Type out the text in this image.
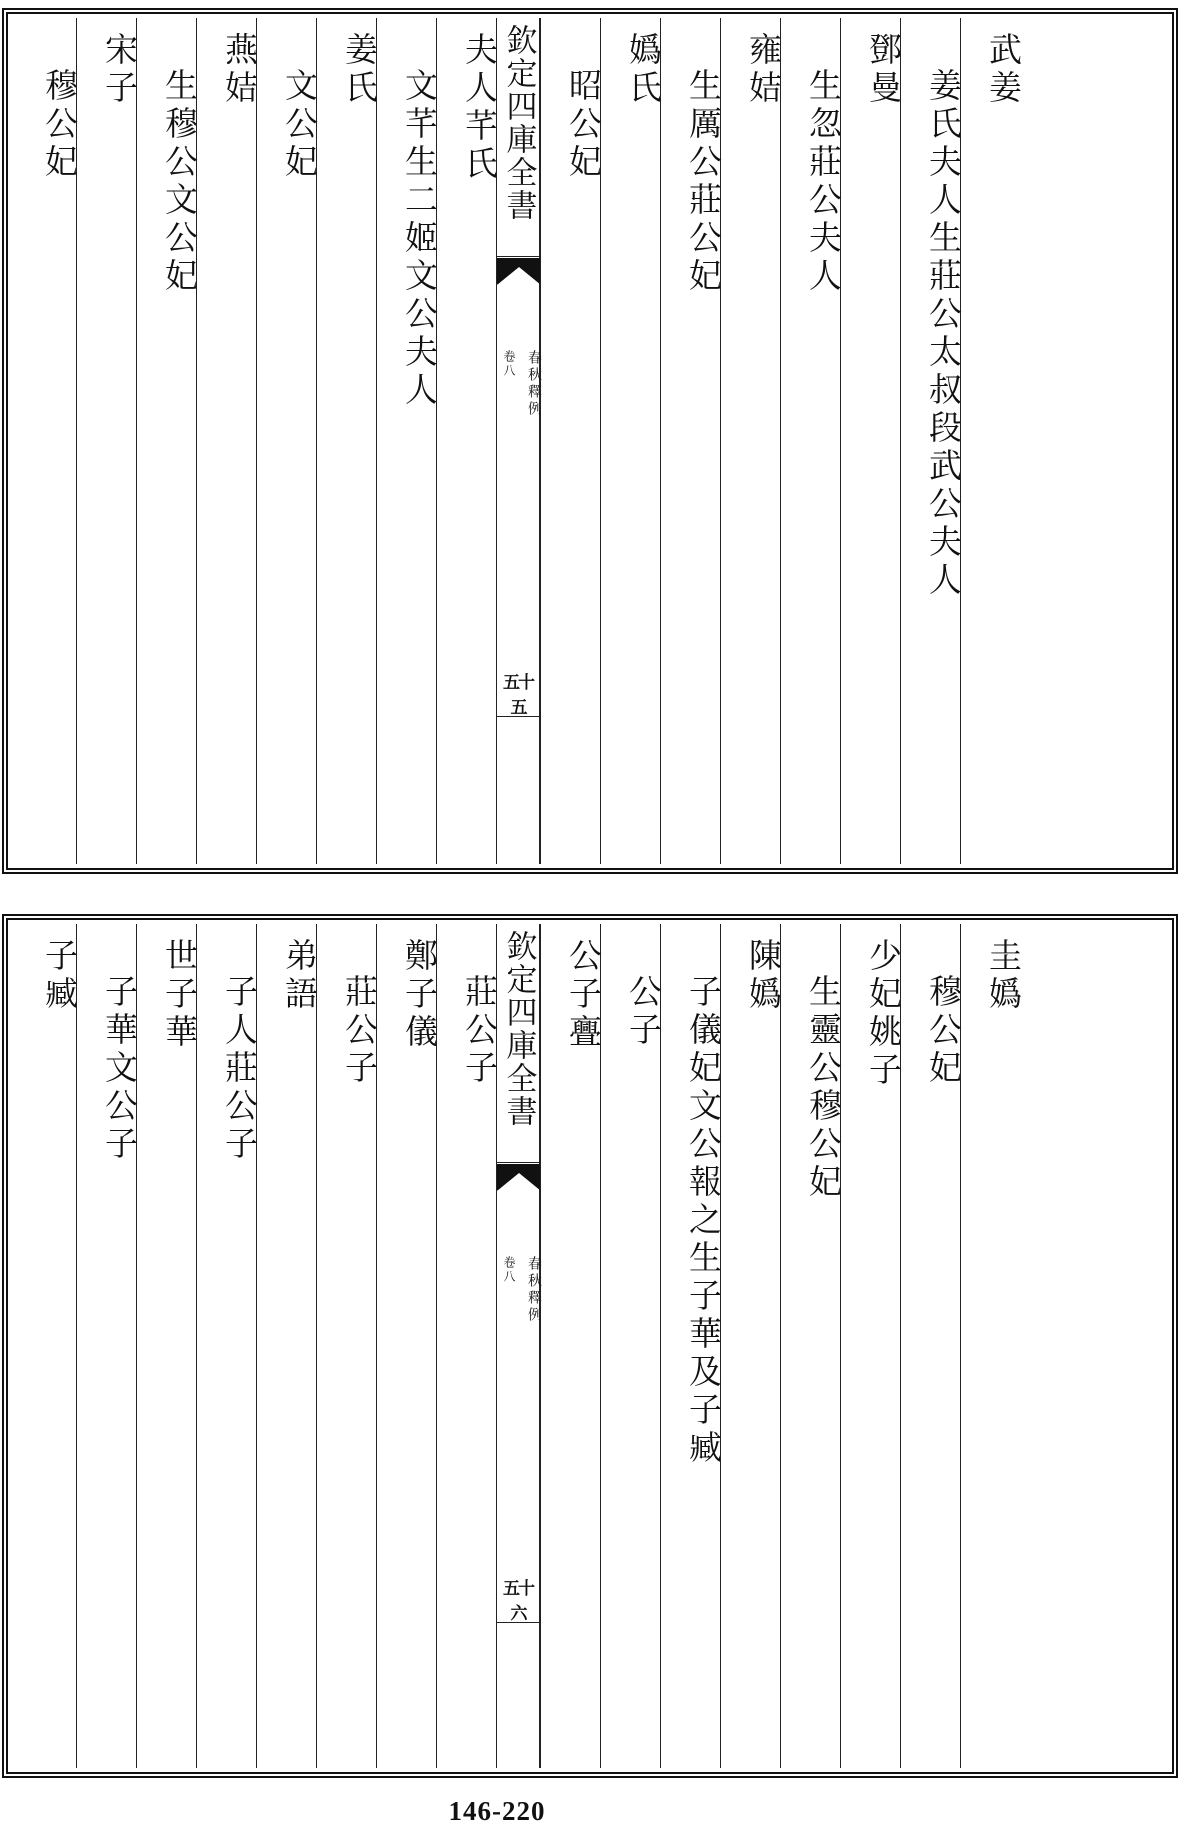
穆公妃 宋子 生穆公文公妃 燕姞 文公妃 姜氏 文芊生二姬文公夫人 夫人芊氏 欽定四庫全書
春秋釋例
卷八
五十五
昭公妃 嬀氏 生厲公莊公妃 雍姞 生忽莊公夫人 鄧曼 姜氏夫人生莊公太叔段武公夫人 武姜
子臧 子華文公子 世子華 子人莊公子 弟語 莊公子 鄭子儀 莊公子 欽定四庫全書
春秋釋例
卷八
五十六
公子亹 公子 子儀妃文公報之生子華及子臧 陳嬀 生靈公穆公妃 少妃姚子 穆公妃 圭嬀
146-220
